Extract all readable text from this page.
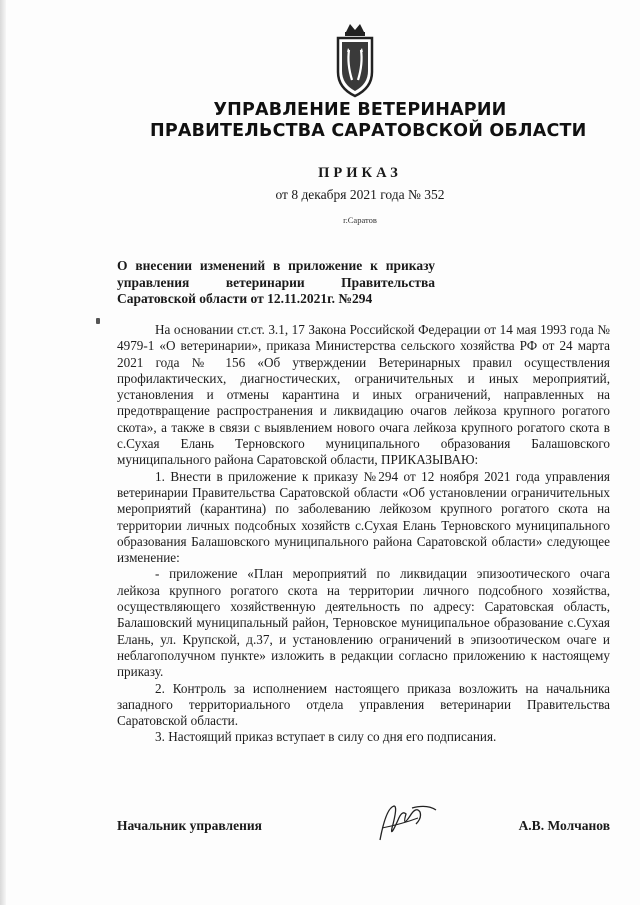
УПРАВЛЕНИЕ ВЕТЕРИНАРИИ
ПРАВИТЕЛЬСТВА САРАТОВСКОЙ ОБЛАСТИ
ПРИКАЗ
от 8 декабря 2021 года № 352
г.Саратов
О внесении изменений в приложение к приказу управления ветеринарии Правительства Саратовской области от 12.11.2021г. №294

На основании ст.ст. 3.1, 17 Закона Российской Федерации от 14 мая 1993 года № 4979-1 «О ветеринарии», приказа Министерства сельского хозяйства РФ от 24 марта 2021 года № 156 «Об утверждении Ветеринарных правил осуществления профилактических, диагностических, ограничительных и иных мероприятий, установления и отмены карантина и иных ограничений, направленных на предотвращение распространения и ликвидацию очагов лейкоза крупного рогатого скота», а также в связи с выявлением нового очага лейкоза крупного рогатого скота в с.Сухая Елань Терновского муниципального образования Балашовского муниципального района Саратовской области, ПРИКАЗЫВАЮ:

1. Внести в приложение к приказу №294 от 12 ноября 2021 года управления ветеринарии Правительства Саратовской области «Об установлении ограничительных мероприятий (карантина) по заболеванию лейкозом крупного рогатого скота на территории личных подсобных хозяйств с.Сухая Елань Терновского муниципального образования Балашовского муниципального района Саратовской области» следующее изменение:

- приложение «План мероприятий по ликвидации эпизоотического очага лейкоза крупного рогатого скота на территории личного подсобного хозяйства, осуществляющего хозяйственную деятельность по адресу: Саратовская область, Балашовский муниципальный район, Терновское муниципальное образование с.Сухая Елань, ул. Крупской, д.37, и установлению ограничений в эпизоотическом очаге и неблагополучном пункте» изложить в редакции согласно приложению к настоящему приказу.

2. Контроль за исполнением настоящего приказа возложить на начальника западного территориального отдела управления ветеринарии Правительства Саратовской области.

3. Настоящий приказ вступает в силу со дня его подписания.

Начальник управления	А.В. Молчанов
